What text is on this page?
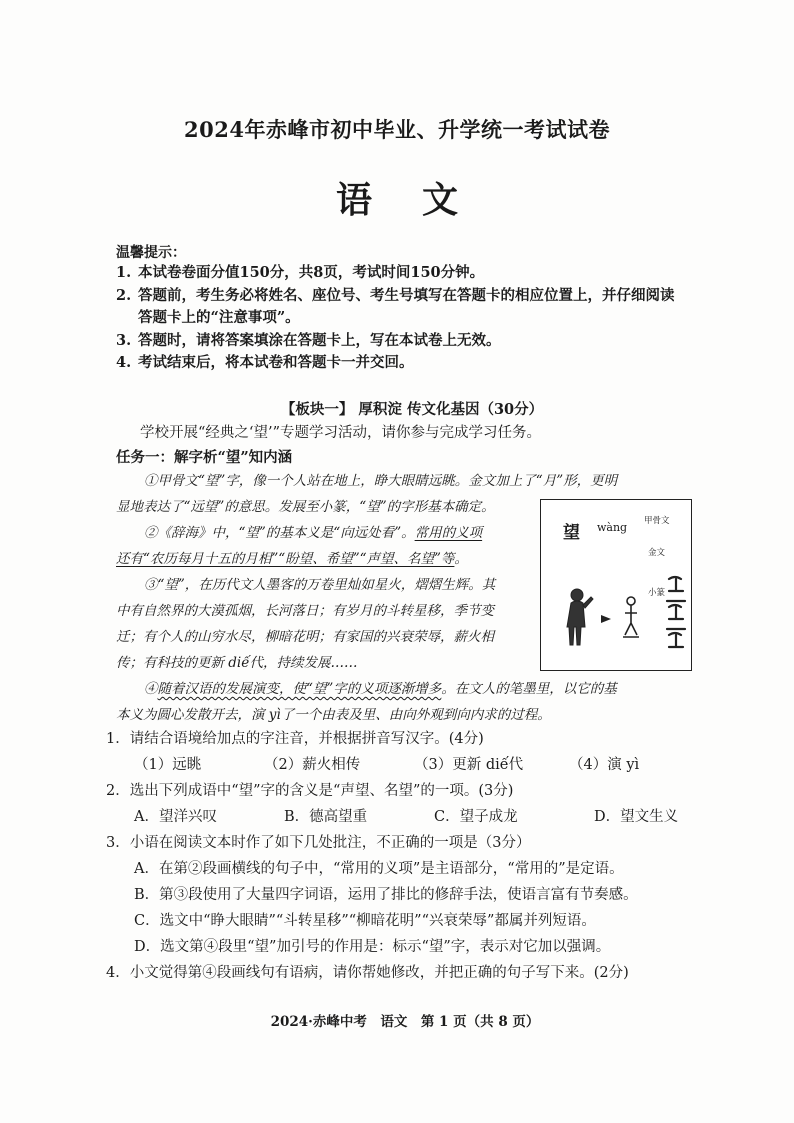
2024年赤峰市初中毕业、升学统一考试试卷
语文
温馨提示：
1. 本试卷卷面分值150分，共8页，考试时间150分钟。
2. 答题前，考生务必将姓名、座位号、考生号填写在答题卡的相应位置上，并仔细阅读
答题卡上的“注意事项”。
3. 答题时，请将答案填涂在答题卡上，写在本试卷上无效。
4. 考试结束后，将本试卷和答题卡一并交回。
【板块一】 厚积淀 传文化基因（30分）
学校开展“经典之‘望’”专题学习活动，请你参与完成学习任务。
任务一：解字析“望”知内涵
①甲骨文“望”字，像一个人站在地上，睁大眼睛远眺。金文加上了“月”形，更明
显地表达了“远望”的意思。发展至小篆，“望”的字形基本确定。
②《辞海》中，“望”的基本义是“向远处看”。常用的义项
还有“农历每月十五的月相”“盼望、希望”“声望、名望”等。
③“望”，在历代文人墨客的万卷里灿如星火，熠熠生辉。其
中有自然界的大漠孤烟，长河落日；有岁月的斗转星移，季节变
迁；有个人的山穷水尽，柳暗花明；有家国的兴衰荣辱，薪火相
传；有科技的更新 diế代，持续发展……
④随着汉语的发展演变，使“望”字的义项逐渐增多。在文人的笔墨里，以它的基
本义为圆心发散开去，演 yì了一个由表及里、由向外观到向内求的过程。
望 wàng 甲骨文
金文
小篆
1．请结合语境给加点的字注音，并根据拼音写汉字。(4分)
（1）远眺	（2）薪火相传	（3）更新 diế代	（4）演 yì
2．选出下列成语中“望”字的含义是“声望、名望”的一项。(3分)
A．望洋兴叹	B．德高望重	C．望子成龙	D．望文生义
3．小语在阅读文本时作了如下几处批注，不正确的一项是（3分）
A．在第②段画横线的句子中，“常用的义项”是主语部分，“常用的”是定语。
B．第③段使用了大量四字词语，运用了排比的修辞手法，使语言富有节奏感。
C．选文中“睁大眼睛”“斗转星移”“柳暗花明”“兴衰荣辱”都属并列短语。
D．选文第④段里“望”加引号的作用是：标示“望”字，表示对它加以强调。
4．小文觉得第④段画线句有语病，请你帮她修改，并把正确的句子写下来。(2分)
2024·赤峰中考　语文　第 1 页（共 8 页）
